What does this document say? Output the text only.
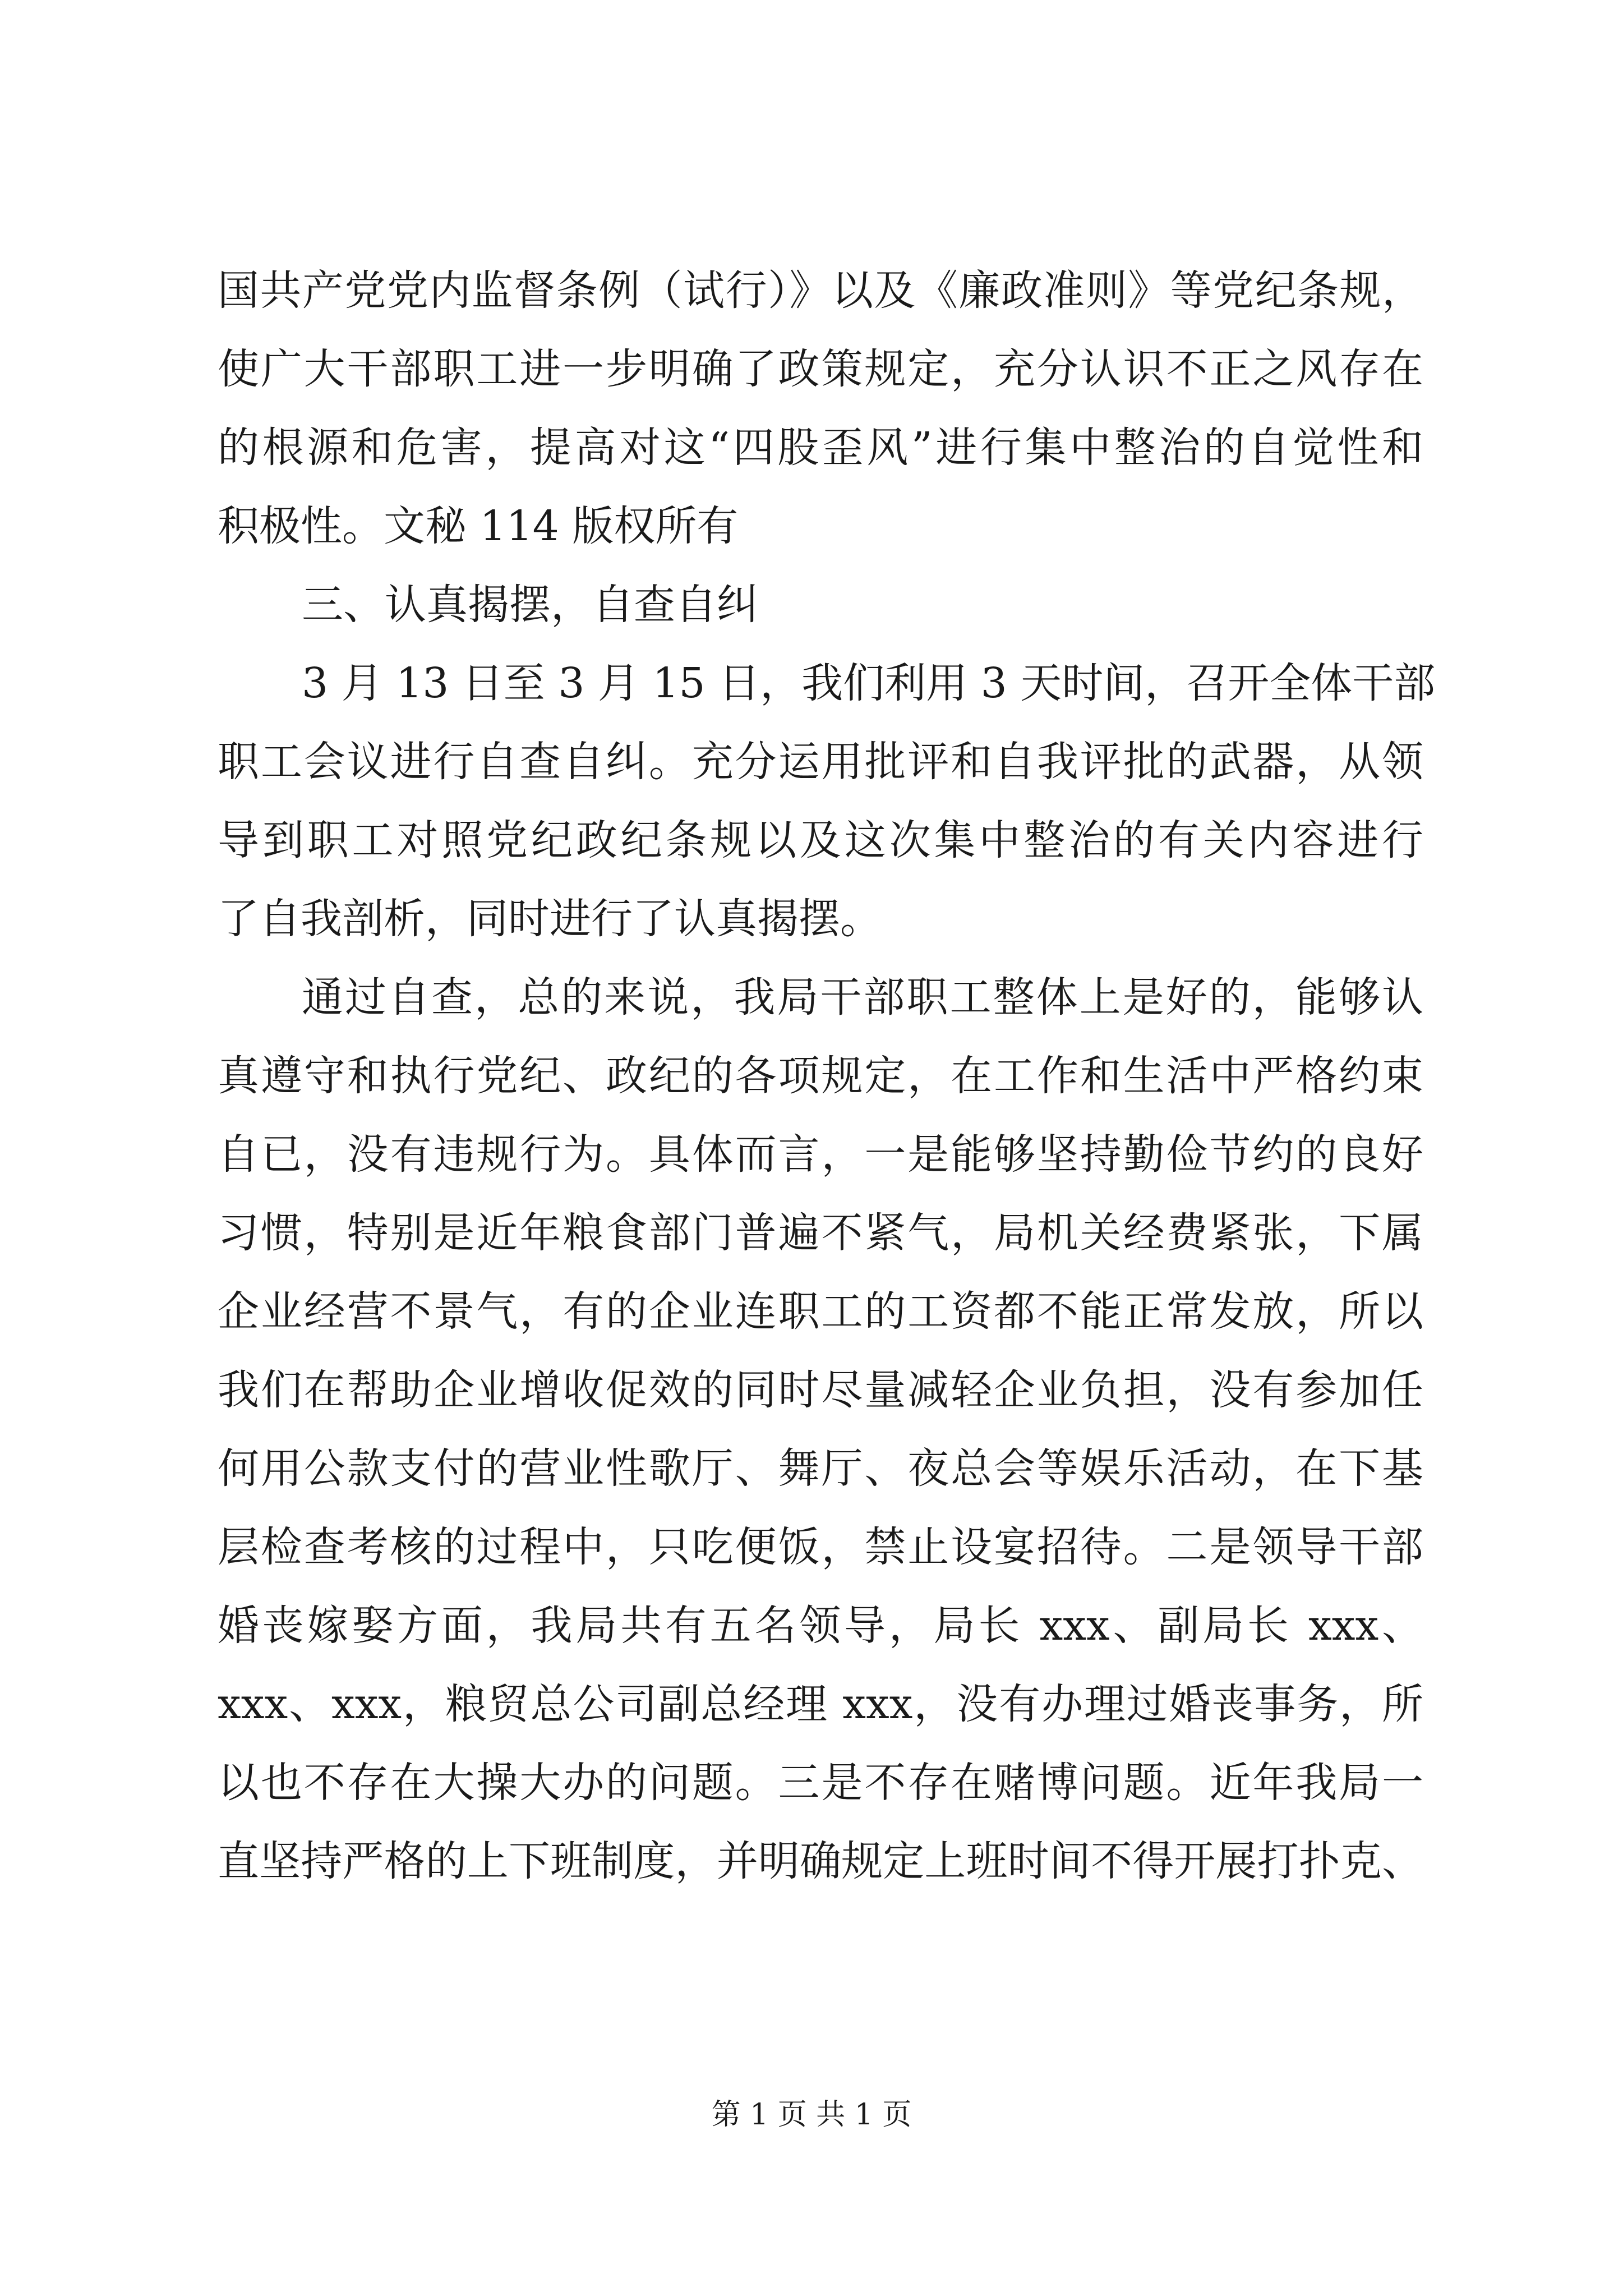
国共产党党内监督条例（试行）》以及《廉政准则》等党纪条规，
使广大干部职工进一步明确了政策规定，充分认识不正之风存在
的根源和危害，提高对这“四股歪风”进行集中整治的自觉性和
积极性。文秘 114 版权所有
三、认真揭摆，自查自纠
3 月 13 日至 3 月 15 日，我们利用 3 天时间，召开全体干部
职工会议进行自查自纠。充分运用批评和自我评批的武器，从领
导到职工对照党纪政纪条规以及这次集中整治的有关内容进行
了自我剖析，同时进行了认真揭摆。
通过自查，总的来说，我局干部职工整体上是好的，能够认
真遵守和执行党纪、政纪的各项规定，在工作和生活中严格约束
自已，没有违规行为。具体而言，一是能够坚持勤俭节约的良好
习惯，特别是近年粮食部门普遍不紧气，局机关经费紧张，下属
企业经营不景气，有的企业连职工的工资都不能正常发放，所以
我们在帮助企业增收促效的同时尽量减轻企业负担，没有参加任
何用公款支付的营业性歌厅、舞厅、夜总会等娱乐活动，在下基
层检查考核的过程中，只吃便饭，禁止设宴招待。二是领导干部
婚丧嫁娶方面，我局共有五名领导，局长 xxx、副局长 xxx、
xxx、xxx，粮贸总公司副总经理 xxx，没有办理过婚丧事务，所
以也不存在大操大办的问题。三是不存在赌博问题。近年我局一
直坚持严格的上下班制度，并明确规定上班时间不得开展打扑克、
第 1 页 共 1 页
